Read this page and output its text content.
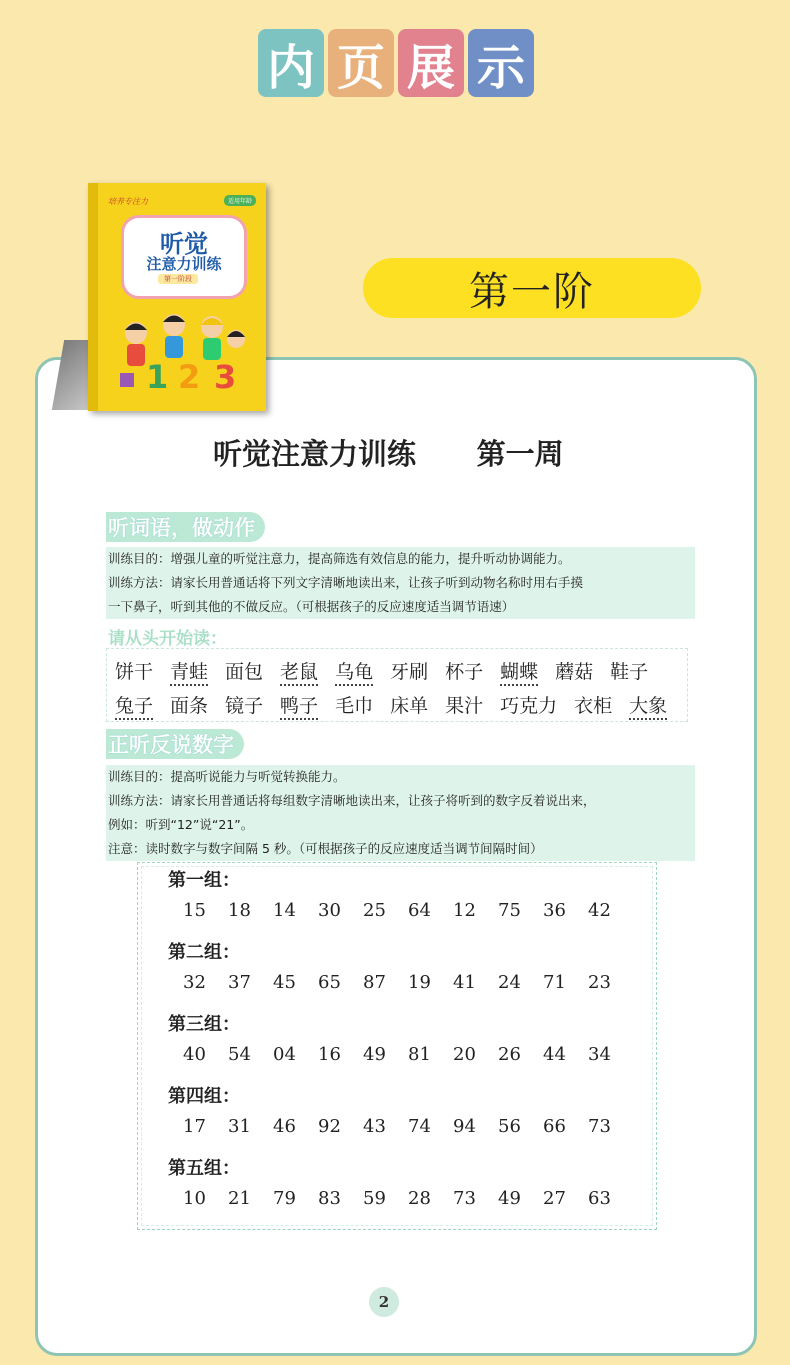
内 页 展 示
培养专注力	适用年龄
听觉
注意力训练
第一阶段
1 2 3
第一阶
听觉注意力训练      第一周
听词语，做动作
训练目的：增强儿童的听觉注意力，提高筛选有效信息的能力，提升听动协调能力。
训练方法：请家长用普通话将下列文字清晰地读出来，让孩子听到动物名称时用右手摸
一下鼻子，听到其他的不做反应。（可根据孩子的反应速度适当调节语速）
请从头开始读：
饼干 青蛙 面包 老鼠 乌龟 牙刷 杯子 蝴蝶 蘑菇 鞋子
兔子 面条 镜子 鸭子 毛巾 床单 果汁 巧克力 衣柜 大象
正听反说数字
训练目的：提高听说能力与听觉转换能力。
训练方法：请家长用普通话将每组数字清晰地读出来，让孩子将听到的数字反着说出来，
例如：听到“12”说“21”。
注意：读时数字与数字间隔 5 秒。（可根据孩子的反应速度适当调节间隔时间）
第一组：
15	18	14	30	25	64	12	75	36	42
第二组：
32	37	45	65	87	19	41	24	71	23
第三组：
40	54	04	16	49	81	20	26	44	34
第四组：
17	31	46	92	43	74	94	56	66	73
第五组：
10	21	79	83	59	28	73	49	27	63
2
